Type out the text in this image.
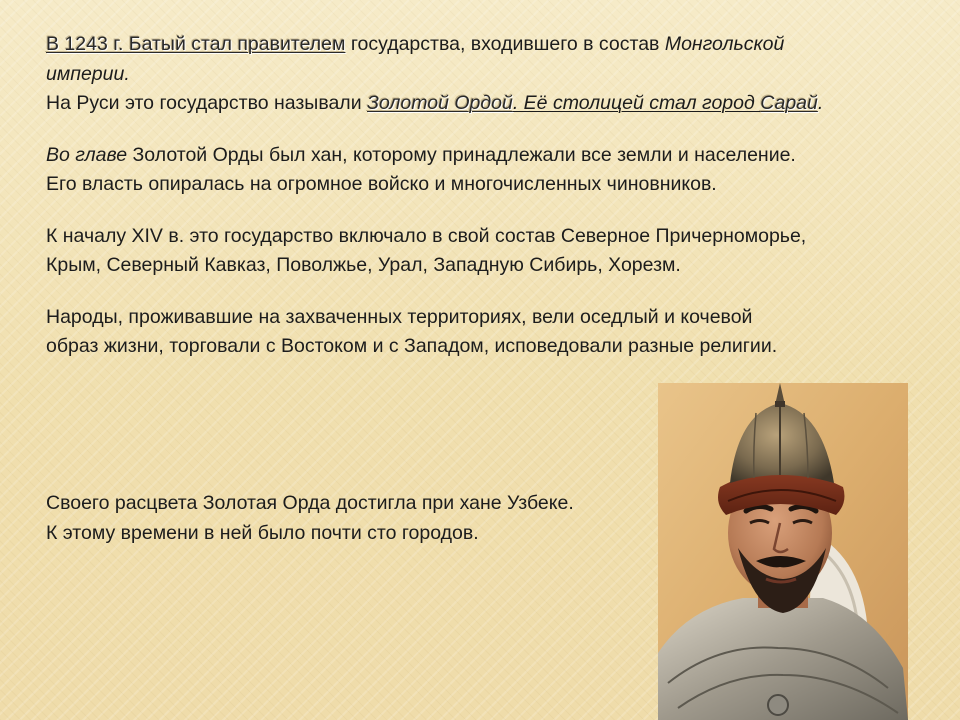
В 1243 г. Батый стал правителем государства, входившего в состав Монгольской
империи.
На Руси это государство называли Золотой Ордой. Её столицей стал город Сарай.

Во главе Золотой Орды был хан, которому принадлежали все земли и население.
Его власть опиралась на огромное войско и многочисленных чиновников.

К началу XIV в. это государство включало в свой состав Северное Причерноморье,
Крым, Северный Кавказ, Поволжье, Урал, Западную Сибирь, Хорезм.

Народы, проживавшие на захваченных территориях, вели оседлый и кочевой
образ жизни, торговали с Востоком и с Западом, исповедовали разные религии.

Своего расцвета Золотая Орда достигла при хане Узбеке.
К этому времени в ней было почти сто городов.
